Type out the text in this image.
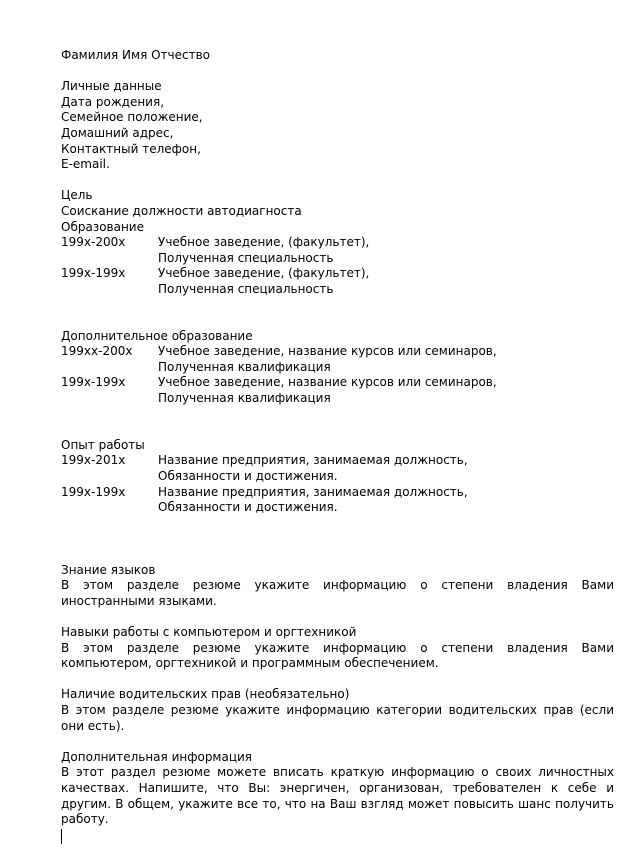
Фамилия Имя Отчество
Личные данные
Дата рождения,
Семейное положение,
Домашний адрес,
Контактный телефон,
E-email.
Цель
Соискание должности автодиагноста
Образование
199x-200x	Учебное заведение, (факультет),
Полученная специальность
199x-199x	Учебное заведение, (факультет),
Полученная специальность
Дополнительное образование
199xx-200x	Учебное заведение, название курсов или семинаров,
Полученная квалификация
199x-199x	Учебное заведение, название курсов или семинаров,
Полученная квалификация
Опыт работы
199x-201x	Название предприятия, занимаемая должность,
Обязанности и достижения.
199x-199x	Название предприятия, занимаемая должность,
Обязанности и достижения.
Знание языков
В этом разделе резюме укажите информацию о степени владения Вами иностранными языками.
Навыки работы с компьютером и оргтехникой
В этом разделе резюме укажите информацию о степени владения Вами компьютером, оргтехникой и программным обеспечением.
Наличие водительских прав (необязательно)
В этом разделе резюме укажите информацию категории водительских прав (если они есть).
Дополнительная информация
В этот раздел резюме можете вписать краткую информацию о своих личностных качествах. Напишите, что Вы: энергичен, организован, требователен к себе и другим. В общем, укажите все то, что на Ваш взгляд может повысить шанс получить работу.
